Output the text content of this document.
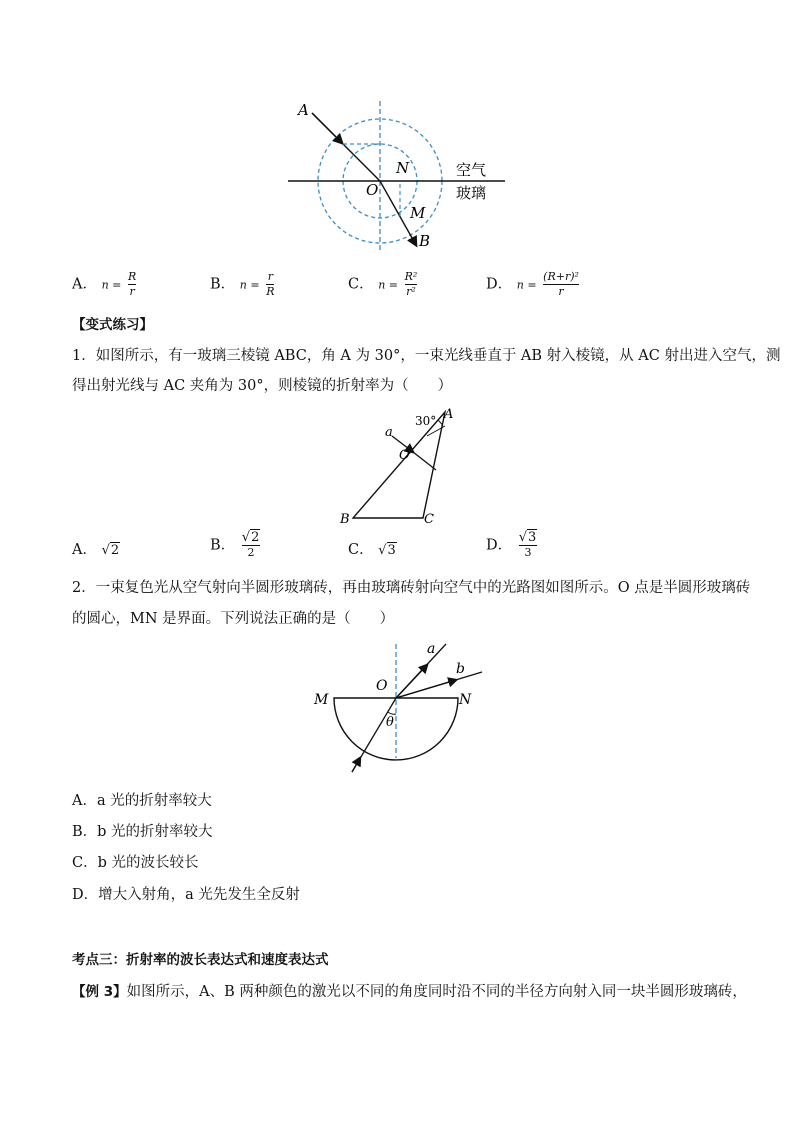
A
N
O
M
B
空气
玻璃
A． $n = \frac{R}{r}$	B． $n = \frac{r}{R}$	C． $n = \frac{\text{R²}}{\text{r²}}$	D． $n = \frac{\text{(R+r)²}}{r}$
【变式练习】
1．如图所示，有一玻璃三棱镜 ABC，角 A 为 30°，一束光线垂直于 AB 射入棱镜，从 AC 射出进入空气，测
得出射光线与 AC 夹角为 30°，则棱镜的折射率为（　　）
30° A
a
O
B	C
A． √2	B． $\frac{√2}{2}$	C． √3	D． $\frac{√3}{3}$
2．一束复色光从空气射向半圆形玻璃砖，再由玻璃砖射向空气中的光路图如图所示。O 点是半圆形玻璃砖
的圆心，MN 是界面。下列说法正确的是（　　）
M	N
O
a
b
θ
A．a 光的折射率较大
B．b 光的折射率较大
C．b 光的波长较长
D．增大入射角，a 光先发生全反射
考点三：折射率的波长表达式和速度表达式
【例 3】如图所示，A、B 两种颜色的激光以不同的角度同时沿不同的半径方向射入同一块半圆形玻璃砖，
